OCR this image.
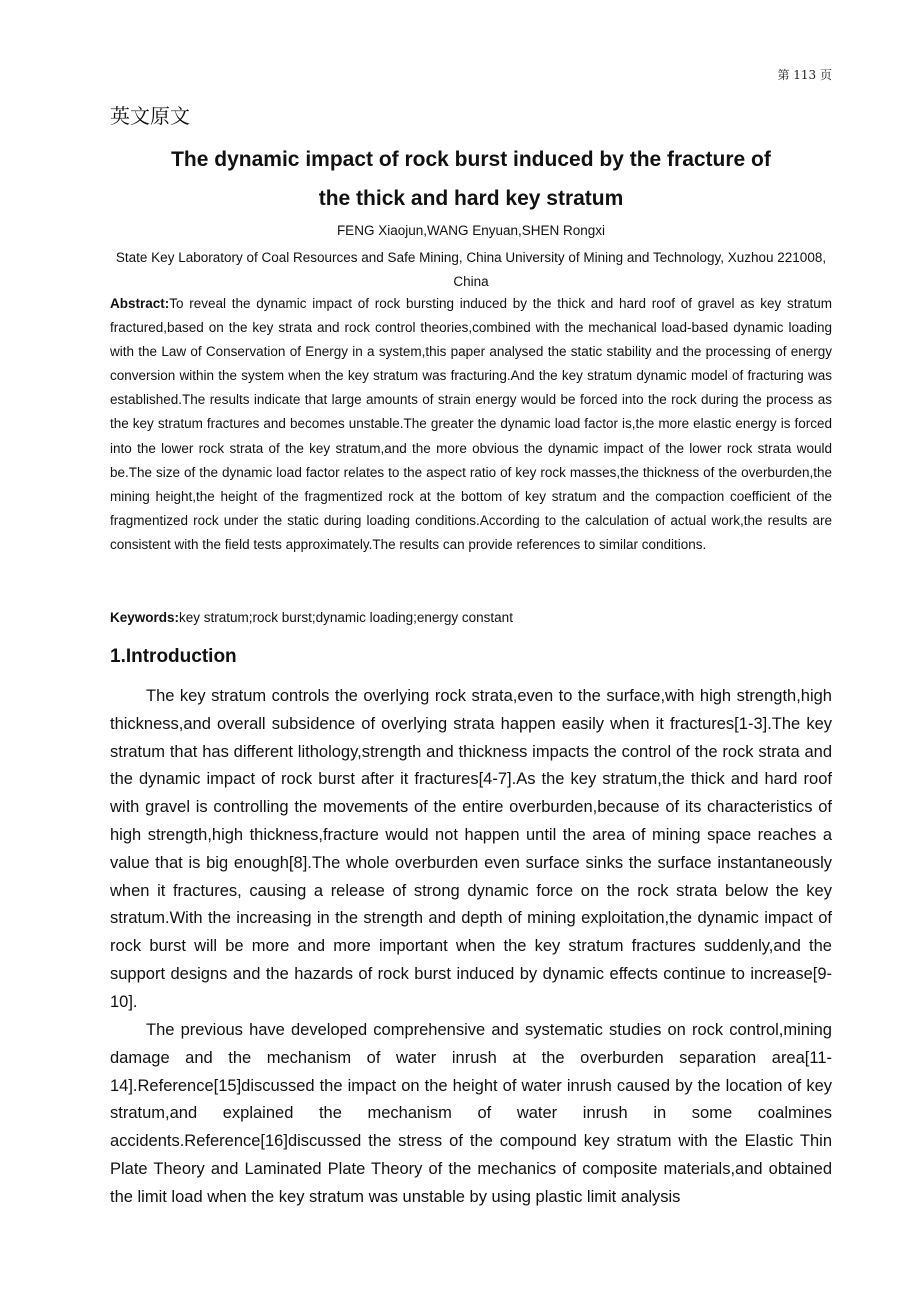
第 113 页
英文原文
The dynamic impact of rock burst induced by the fracture of
the thick and hard key stratum
FENG Xiaojun,WANG Enyuan,SHEN Rongxi
State Key Laboratory of Coal Resources and Safe Mining, China University of Mining and Technology, Xuzhou 221008, China

Abstract:To reveal the dynamic impact of rock bursting induced by the thick and hard roof of gravel as key stratum fractured,based on the key strata and rock control theories,combined with the mechanical load-based dynamic loading with the Law of Conservation of Energy in a system,this paper analysed the static stability and the processing of energy conversion within the system when the key stratum was fracturing.And the key stratum dynamic model of fracturing was established.The results indicate that large amounts of strain energy would be forced into the rock during the process as the key stratum fractures and becomes unstable.The greater the dynamic load factor is,the more elastic energy is forced into the lower rock strata of the key stratum,and the more obvious the dynamic impact of the lower rock strata would be.The size of the dynamic load factor relates to the aspect ratio of key rock masses,the thickness of the overburden,the mining height,the height of the fragmentized rock at the bottom of key stratum and the compaction coefficient of the fragmentized rock under the static during loading conditions.According to the calculation of actual work,the results are consistent with the field tests approximately.The results can provide references to similar conditions.

Keywords:key stratum;rock burst;dynamic loading;energy constant
1.Introduction

The key stratum controls the overlying rock strata,even to the surface,with high strength,high thickness,and overall subsidence of overlying strata happen easily when it fractures[1-3].The key stratum that has different lithology,strength and thickness impacts the control of the rock strata and the dynamic impact of rock burst after it fractures[4-7].As the key stratum,the thick and hard roof with gravel is controlling the movements of the entire overburden,because of its characteristics of high strength,high thickness,fracture would not happen until the area of mining space reaches a value that is big enough[8].The whole overburden even surface sinks the surface instantaneously when it fractures, causing a release of strong dynamic force on the rock strata below the key stratum.With the increasing in the strength and depth of mining exploitation,the dynamic impact of rock burst will be more and more important when the key stratum fractures suddenly,and the support designs and the hazards of rock burst induced by dynamic effects continue to increase[9-10].

The previous have developed comprehensive and systematic studies on rock control,mining damage and the mechanism of water inrush at the overburden separation area[11-14].Reference[15]discussed the impact on the height of water inrush caused by the location of key stratum,and explained the mechanism of water inrush in some coalmines accidents.Reference[16]discussed the stress of the compound key stratum with the Elastic Thin Plate Theory and Laminated Plate Theory of the mechanics of composite materials,and obtained the limit load when the key stratum was unstable by using plastic limit analysis
